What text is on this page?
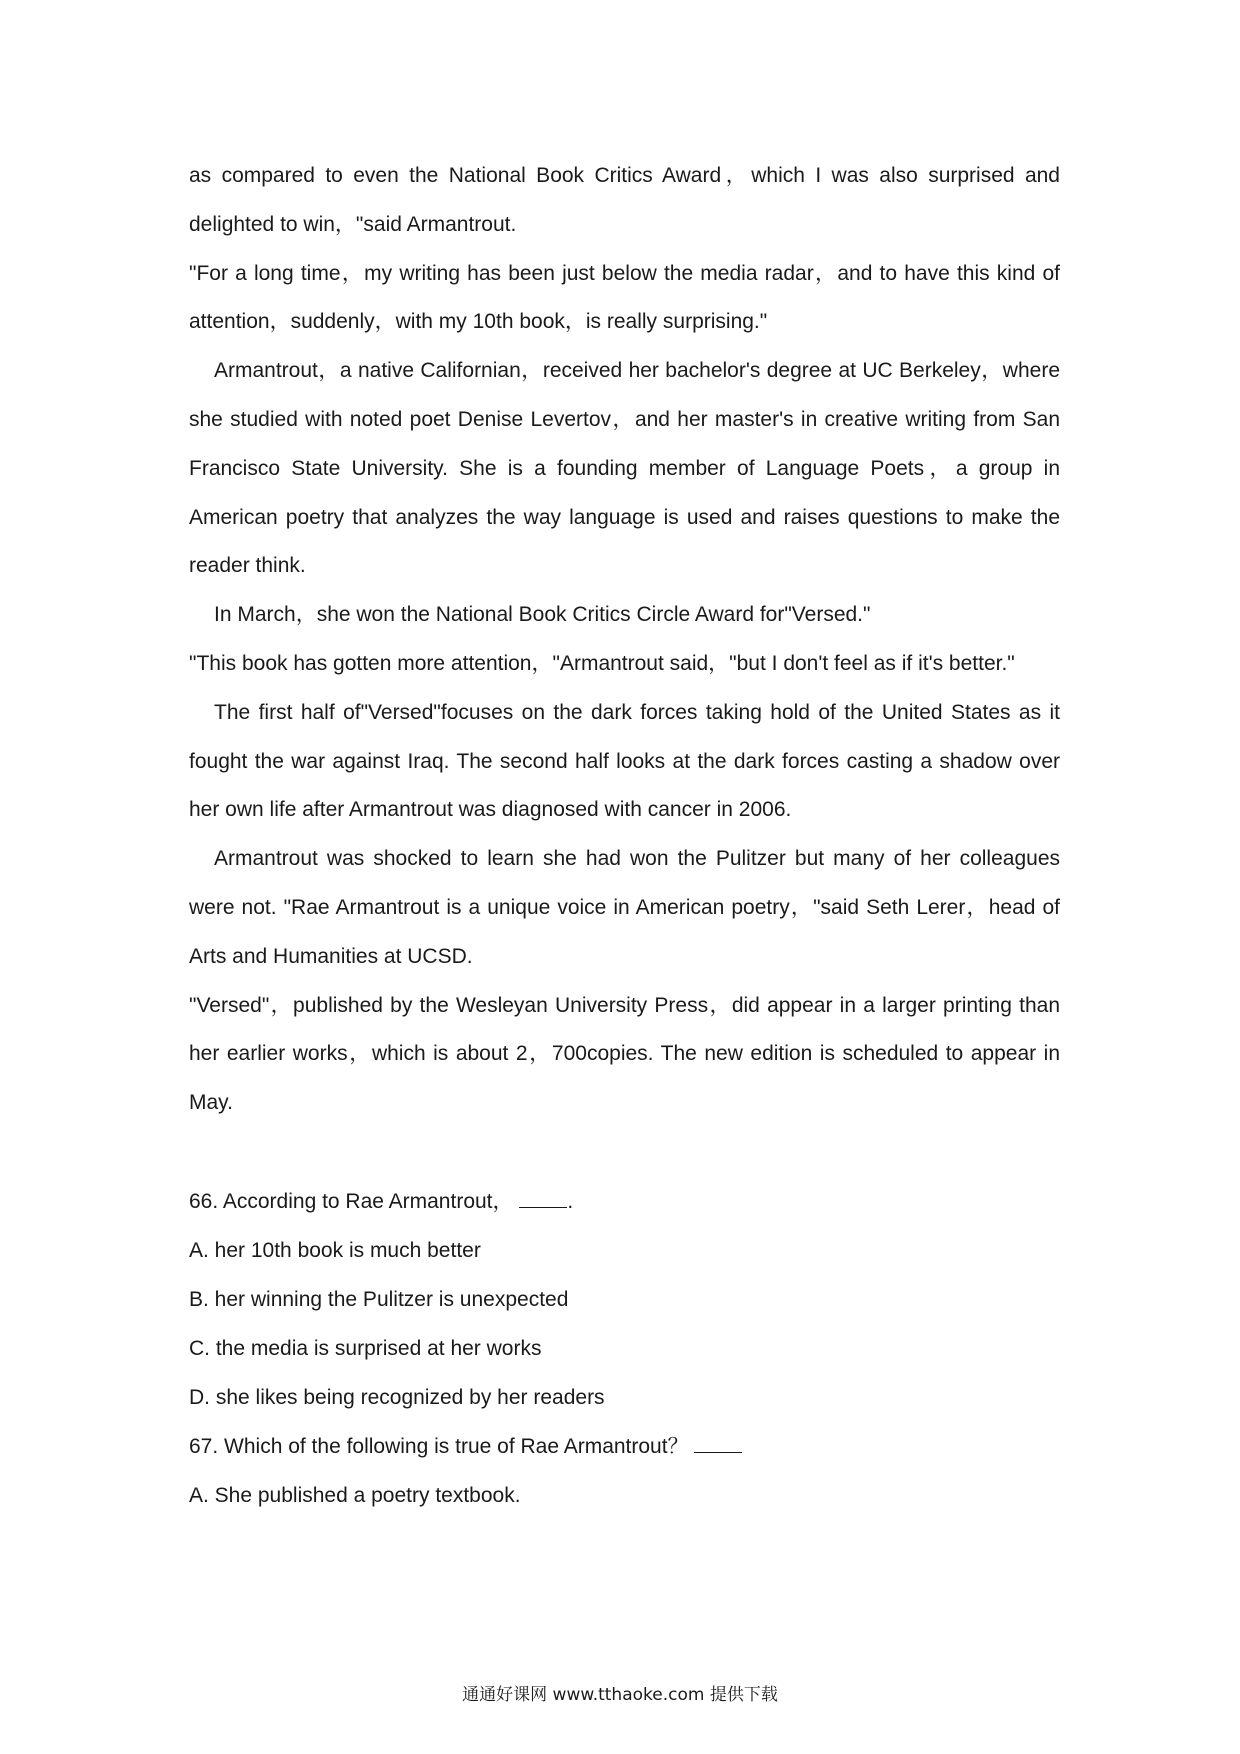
as compared to even the National Book Critics Award，which I was also surprised and delighted to win，"said Armantrout.

"For a long time，my writing has been just below the media radar，and to have this kind of attention，suddenly，with my 10th book，is really surprising."

Armantrout，a native Californian，received her bachelor's degree at UC Berkeley，where she studied with noted poet Denise Levertov，and her master's in creative writing from San Francisco State University. She is a founding member of Language Poets，a group in American poetry that analyzes the way language is used and raises questions to make the reader think.

In March，she won the National Book Critics Circle Award for"Versed."

"This book has gotten more attention，"Armantrout said，"but I don't feel as if it's better."

The first half of"Versed"focuses on the dark forces taking hold of the United States as it fought the war against Iraq. The second half looks at the dark forces casting a shadow over her own life after Armantrout was diagnosed with cancer in 2006.

Armantrout was shocked to learn she had won the Pulitzer but many of her colleagues were not. "Rae Armantrout is a unique voice in American poetry，"said Seth Lerer，head of Arts and Humanities at UCSD.

"Versed"，published by the Wesleyan University Press，did appear in a larger printing than her earlier works，which is about 2，700copies. The new edition is scheduled to appear in May.

66. According to Rae Armantrout，	.

A. her 10th book is much better

B. her winning the Pulitzer is unexpected

C. the media is surprised at her works

D. she likes being recognized by her readers

67. Which of the following is true of Rae Armantrout？

A. She published a poetry textbook.

通通好课网 www.tthaoke.com 提供下载
